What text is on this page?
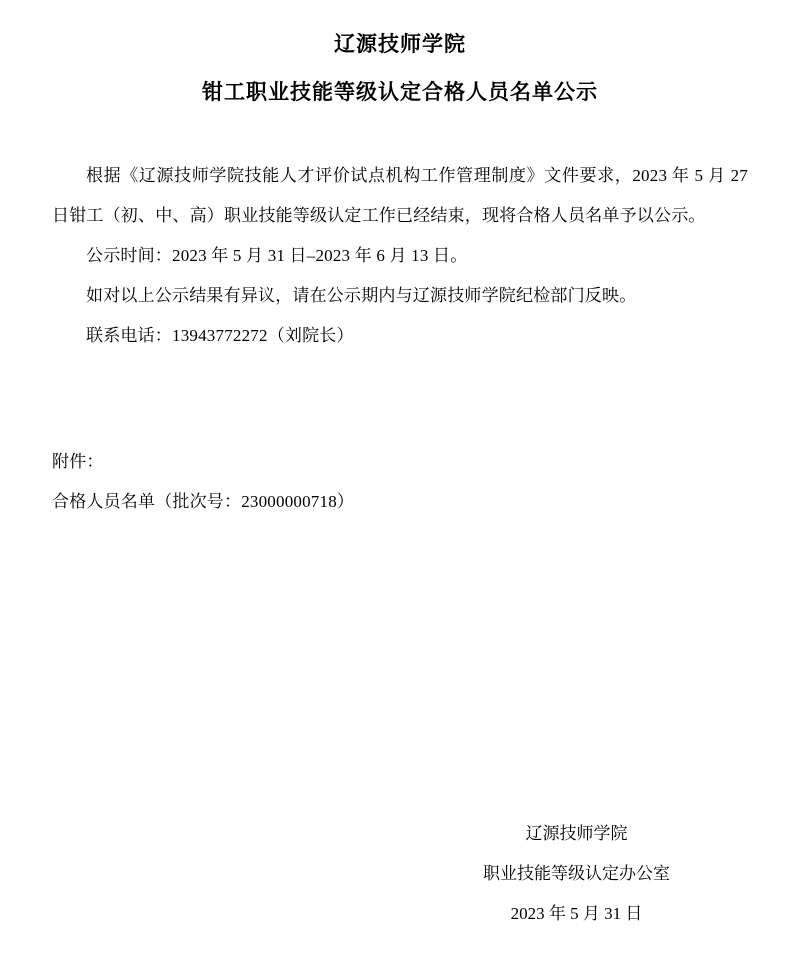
辽源技师学院
钳工职业技能等级认定合格人员名单公示

根据《辽源技师学院技能人才评价试点机构工作管理制度》文件要求，2023 年 5 月 27 日钳工（初、中、高）职业技能等级认定工作已经结束，现将合格人员名单予以公示。

公示时间：2023 年 5 月 31 日–2023 年 6 月 13 日。

如对以上公示结果有异议，请在公示期内与辽源技师学院纪检部门反映。

联系电话：13943772272（刘院长）

附件：

合格人员名单（批次号：23000000718）

辽源技师学院
职业技能等级认定办公室
2023 年 5 月 31 日
